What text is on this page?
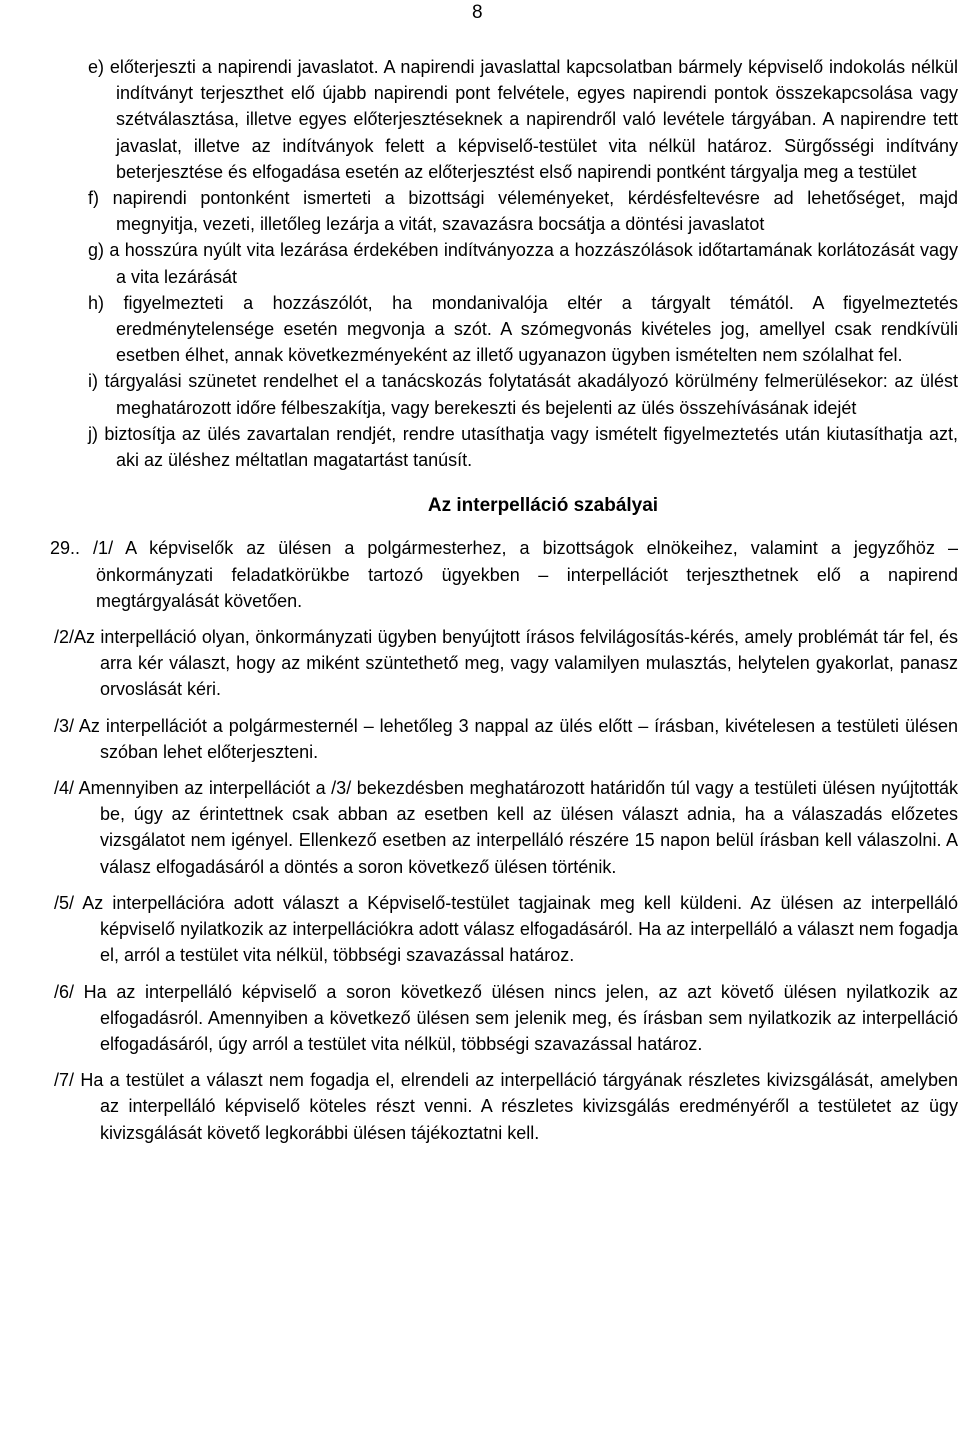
8
e) előterjeszti a napirendi javaslatot. A napirendi javaslattal kapcsolatban bármely képviselő indokolás nélkül indítványt terjeszthet elő újabb napirendi pont felvétele, egyes napirendi pontok összekapcsolása vagy szétválasztása, illetve egyes előterjesztéseknek a napirendről való levétele tárgyában. A napirendre tett javaslat, illetve az indítványok felett a képviselő-testület vita nélkül határoz. Sürgősségi indítvány beterjesztése és elfogadása esetén az előterjesztést első napirendi pontként tárgyalja meg a testület
f) napirendi pontonként ismerteti a bizottsági véleményeket, kérdésfeltevésre ad lehetőséget, majd megnyitja, vezeti, illetőleg lezárja a vitát, szavazásra bocsátja a döntési javaslatot
g) a hosszúra nyúlt vita lezárása érdekében indítványozza a hozzászólások időtartamának korlátozását vagy a vita lezárását
h) figyelmezteti a hozzászólót, ha mondanivalója eltér a tárgyalt témától. A figyelmeztetés eredménytelensége esetén megvonja a szót. A szómegvonás kivételes jog, amellyel csak rendkívüli esetben élhet, annak következményeként az illető ugyanazon ügyben ismételten nem szólalhat fel.
i) tárgyalási szünetet rendelhet el a tanácskozás folytatását akadályozó körülmény felmerülésekor: az ülést meghatározott időre félbeszakítja, vagy berekeszti és bejelenti az ülés összehívásának idejét
j) biztosítja az ülés zavartalan rendjét, rendre utasíthatja vagy ismételt figyelmeztetés után kiutasíthatja azt, aki az üléshez méltatlan magatartást tanúsít.
Az interpelláció szabályai
29.. /1/ A képviselők az ülésen a polgármesterhez, a bizottságok elnökeihez, valamint a jegyzőhöz – önkormányzati feladatkörükbe tartozó ügyekben – interpellációt terjeszthetnek elő a napirend megtárgyalását követően.
/2/Az interpelláció olyan, önkormányzati ügyben benyújtott írásos felvilágosítás-kérés, amely problémát tár fel, és arra kér választ, hogy az miként szüntethető meg, vagy valamilyen mulasztás, helytelen gyakorlat, panasz orvoslását kéri.
/3/ Az interpellációt a polgármesternél – lehetőleg 3 nappal az ülés előtt – írásban, kivételesen a testületi ülésen szóban lehet előterjeszteni.
/4/ Amennyiben az interpellációt a /3/ bekezdésben meghatározott határidőn túl vagy a testületi ülésen nyújtották be, úgy az érintettnek csak abban az esetben kell az ülésen választ adnia, ha a válaszadás előzetes vizsgálatot nem igényel. Ellenkező esetben az interpelláló részére 15 napon belül írásban kell válaszolni. A válasz elfogadásáról a döntés a soron következő ülésen történik.
/5/ Az interpellációra adott választ a Képviselő-testület tagjainak meg kell küldeni. Az ülésen az interpelláló képviselő nyilatkozik az interpellációkra adott válasz elfogadásáról. Ha az interpelláló a választ nem fogadja el, arról a testület vita nélkül, többségi szavazással határoz.
/6/ Ha az interpelláló képviselő a soron következő ülésen nincs jelen, az azt követő ülésen nyilatkozik az elfogadásról. Amennyiben a következő ülésen sem jelenik meg, és írásban sem nyilatkozik az interpelláció elfogadásáról, úgy arról a testület vita nélkül, többségi szavazással határoz.
/7/ Ha a testület a választ nem fogadja el, elrendeli az interpelláció tárgyának részletes kivizsgálását, amelyben az interpelláló képviselő köteles részt venni. A részletes kivizsgálás eredményéről a testületet az ügy kivizsgálását követő legkorábbi ülésen tájékoztatni kell.
